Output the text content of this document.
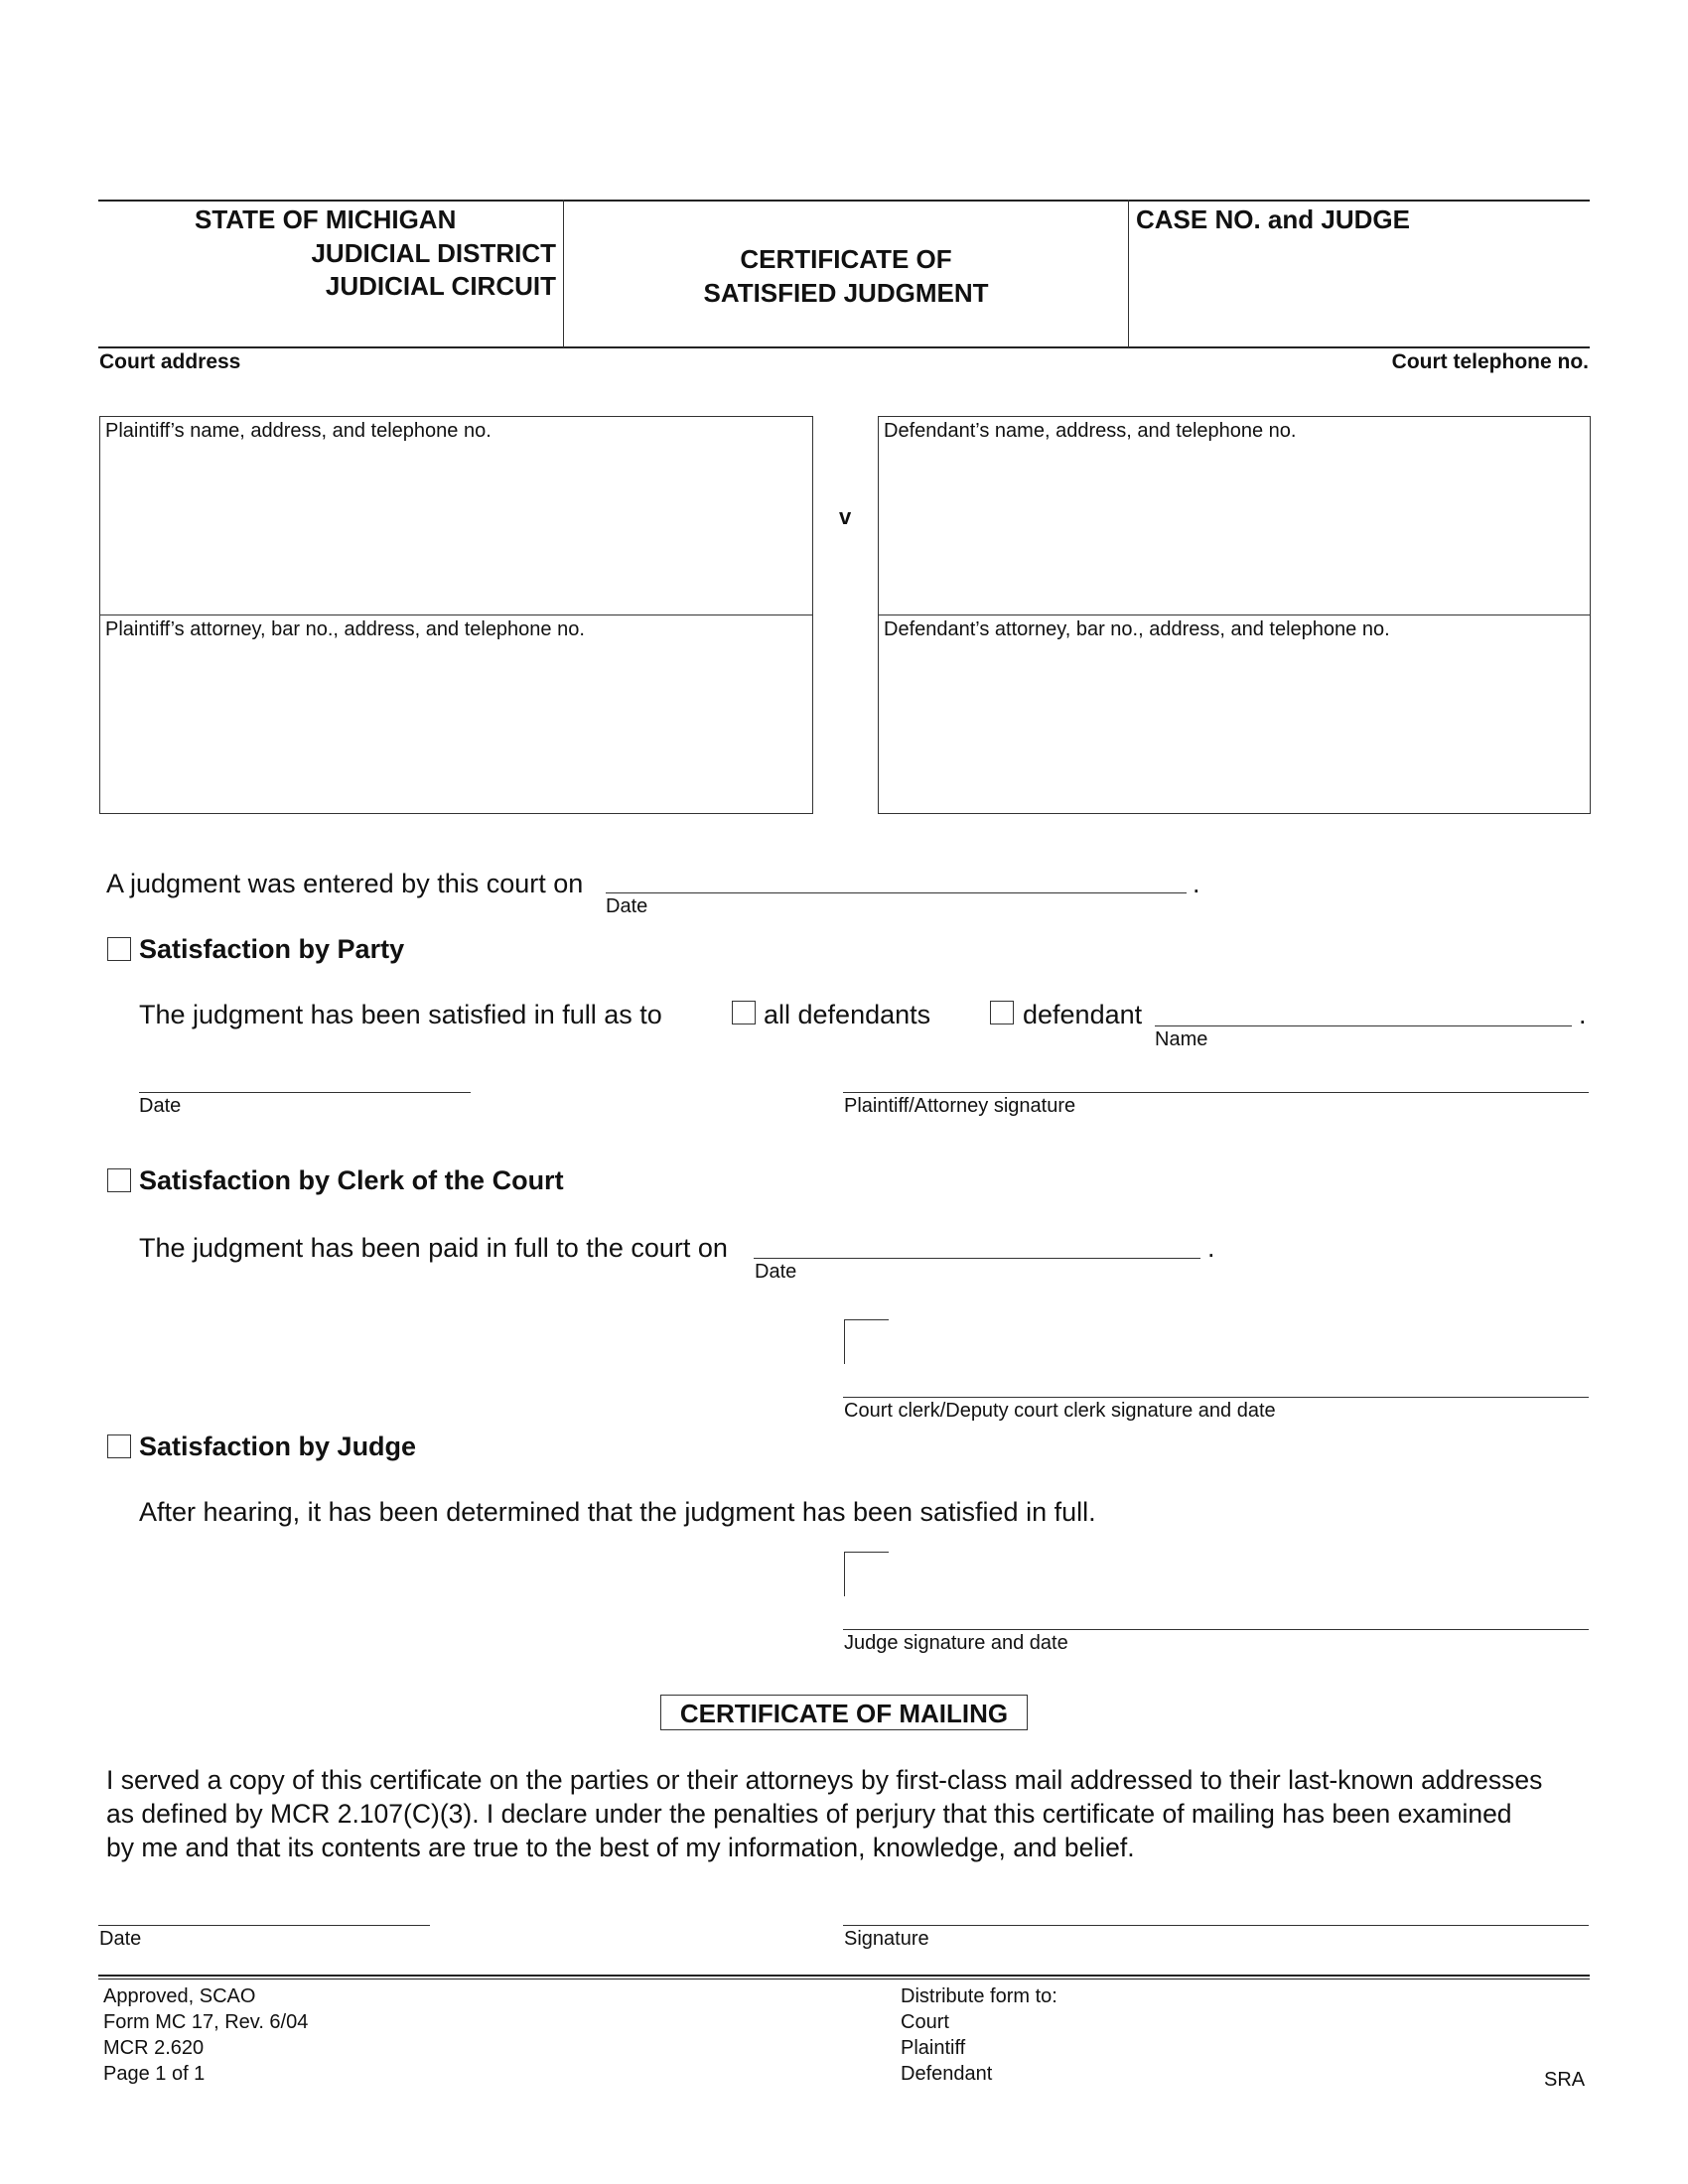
STATE OF MICHIGAN
JUDICIAL DISTRICT
JUDICIAL CIRCUIT
CERTIFICATE OF
SATISFIED JUDGMENT
CASE NO. and JUDGE
Court address	Court telephone no.
Plaintiff’s name, address, and telephone no.
Plaintiff’s attorney, bar no., address, and telephone no.
v
Defendant’s name, address, and telephone no.
Defendant’s attorney, bar no., address, and telephone no.
A judgment was entered by this court on	.
Date
Satisfaction by Party
The judgment has been satisfied in full as to	all defendants	defendant	.
Name
Date	Plaintiff/Attorney signature
Satisfaction by Clerk of the Court
The judgment has been paid in full to the court on	.
Date
Court clerk/Deputy court clerk signature and date
Satisfaction by Judge
After hearing, it has been determined that the judgment has been satisfied in full.
Judge signature and date
CERTIFICATE OF MAILING
I served a copy of this certificate on the parties or their attorneys by first-class mail addressed to their last-known addresses
as defined by MCR 2.107(C)(3). I declare under the penalties of perjury that this certificate of mailing has been examined
by me and that its contents are true to the best of my information, knowledge, and belief.
Date	Signature
Approved, SCAO
Form MC 17, Rev. 6/04
MCR 2.620
Page 1 of 1
Distribute form to:
Court
Plaintiff
Defendant	SRA
